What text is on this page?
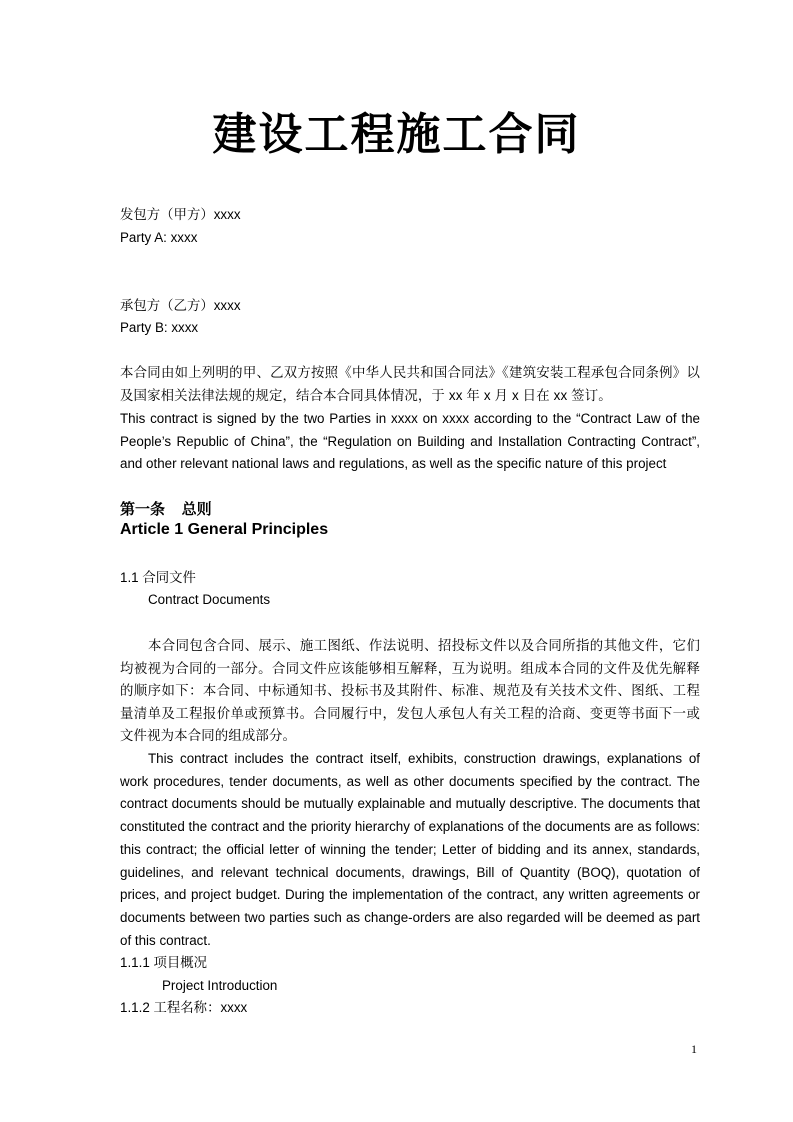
建设工程施工合同
发包方（甲方）xxxx
Party A: xxxx
承包方（乙方）xxxx
Party B: xxxx
本合同由如上列明的甲、乙双方按照《中华人民共和国合同法》《建筑安装工程承包合同条例》以及国家相关法律法规的规定，结合本合同具体情况，于 xx 年 x 月 x 日在 xx 签订。
This contract is signed by the two Parties in xxxx on xxxx according to the “Contract Law of the People’s Republic of China”, the “Regulation on Building and Installation Contracting Contract”, and other relevant national laws and regulations, as well as the specific nature of this project
第一条    总则
Article 1 General Principles
1.1 合同文件
Contract Documents
本合同包含合同、展示、施工图纸、作法说明、招投标文件以及合同所指的其他文件，它们均被视为合同的一部分。合同文件应该能够相互解释，互为说明。组成本合同的文件及优先解释的顺序如下：本合同、中标通知书、投标书及其附件、标准、规范及有关技术文件、图纸、工程量清单及工程报价单或预算书。合同履行中，发包人承包人有关工程的洽商、变更等书面下一或文件视为本合同的组成部分。
This contract includes the contract itself, exhibits, construction drawings, explanations of work procedures, tender documents, as well as other documents specified by the contract. The contract documents should be mutually explainable and mutually descriptive. The documents that constituted the contract and the priority hierarchy of explanations of the documents are as follows: this contract; the official letter of winning the tender; Letter of bidding and its annex, standards, guidelines, and relevant technical documents, drawings, Bill of Quantity (BOQ), quotation of prices, and project budget. During the implementation of the contract, any written agreements or documents between two parties such as change-orders are also regarded will be deemed as part of this contract.
1.1.1 项目概况
Project Introduction
1.1.2 工程名称：xxxx
1
